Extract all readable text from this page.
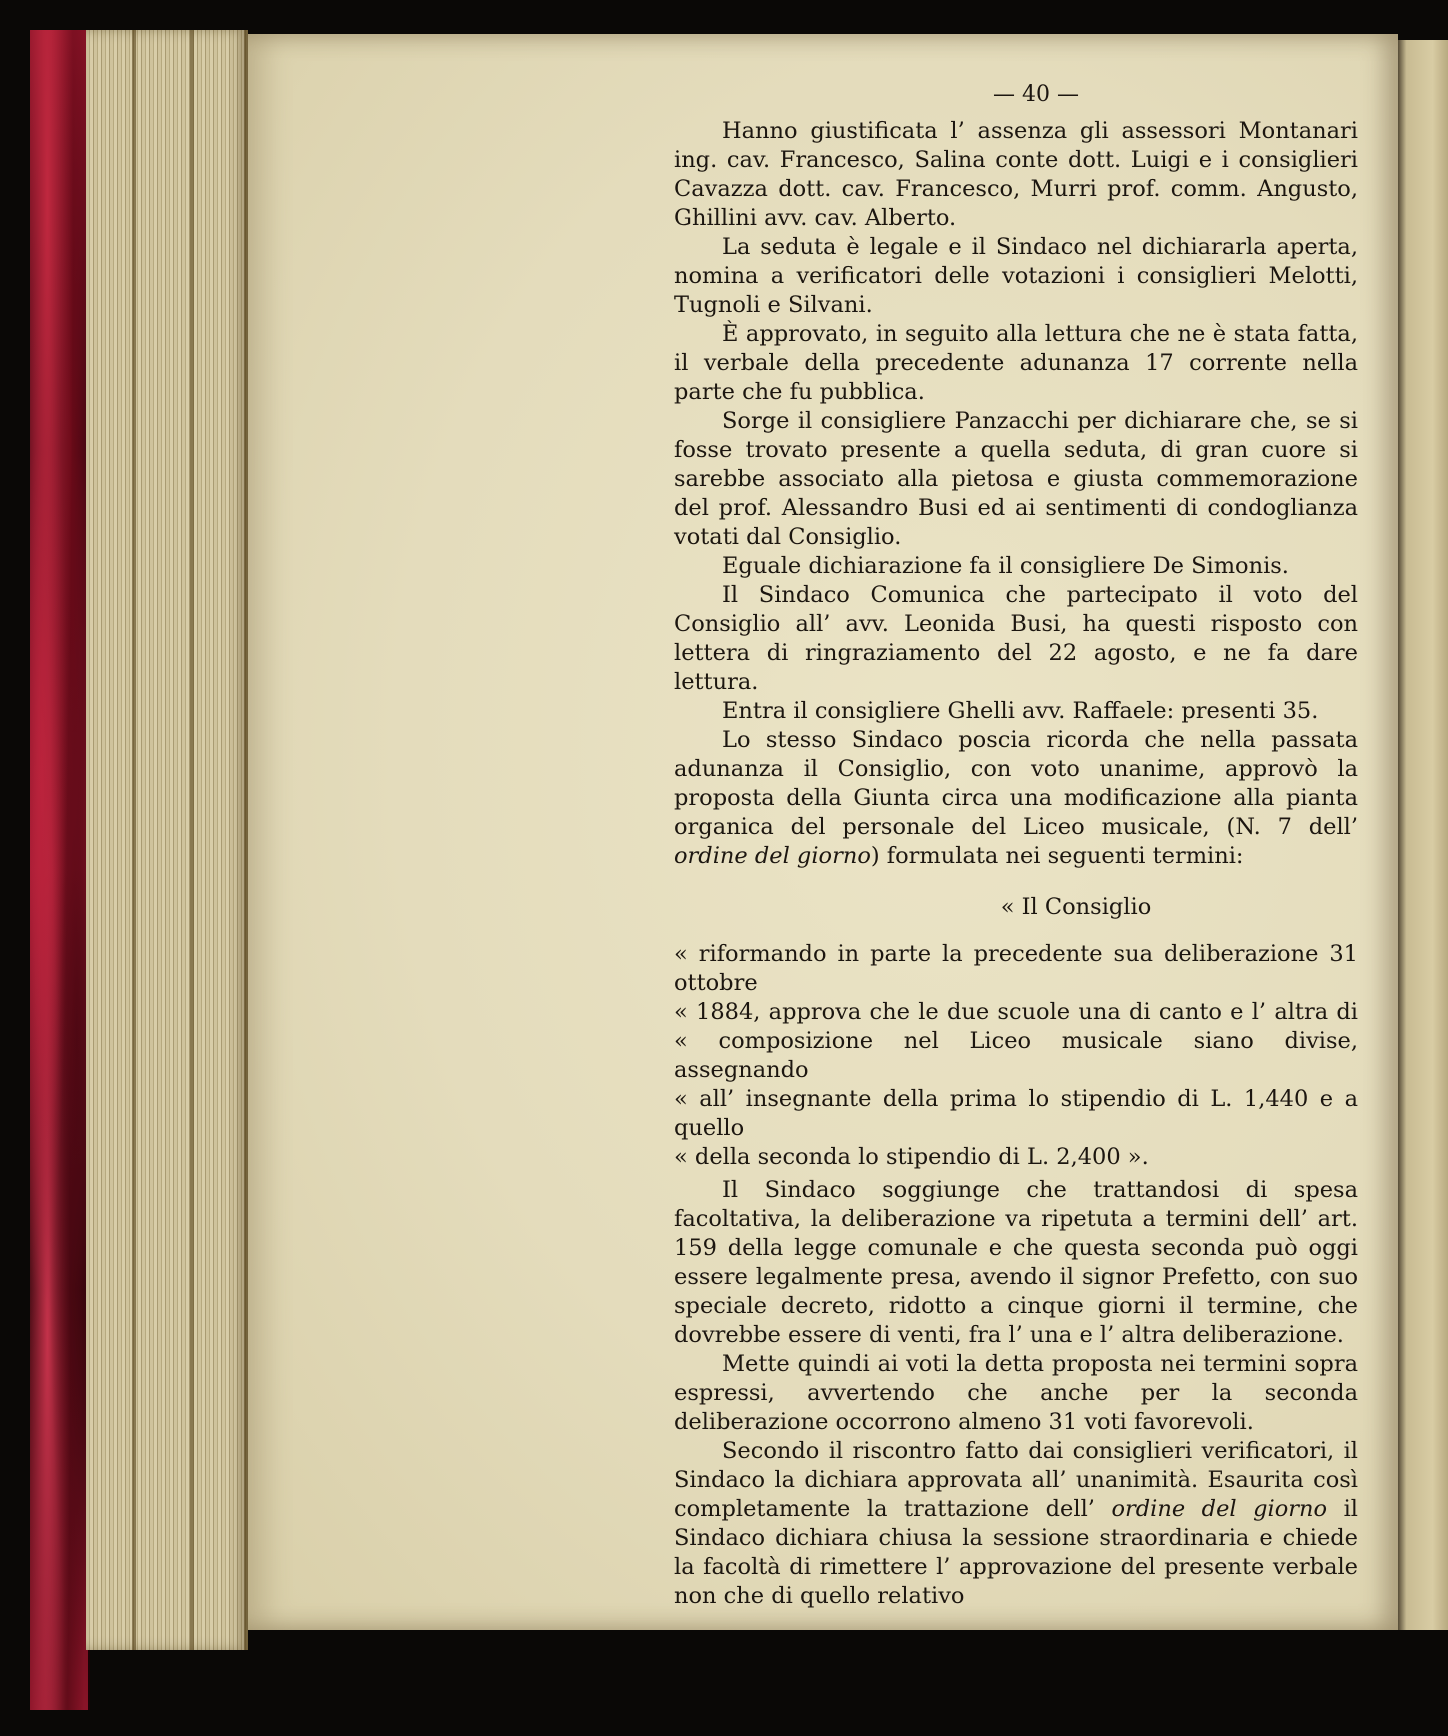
— 40 —

Hanno giustificata l’ assenza gli assessori Montanari ing. cav. Francesco, Salina conte dott. Luigi e i consiglieri Cavazza dott. cav. Francesco, Murri prof. comm. Angusto, Ghillini avv. cav. Alberto.

La seduta è legale e il Sindaco nel dichiararla aperta, nomina a verificatori delle votazioni i consiglieri Melotti, Tugnoli e Silvani.

È approvato, in seguito alla lettura che ne è stata fatta, il verbale della precedente adunanza 17 corrente nella parte che fu pubblica.

Sorge il consigliere Panzacchi per dichiarare che, se si fosse trovato presente a quella seduta, di gran cuore si sarebbe associato alla pietosa e giusta commemorazione del prof. Alessandro Busi ed ai sentimenti di condoglianza votati dal Consiglio.

Eguale dichiarazione fa il consigliere De Simonis.

Il Sindaco Comunica che partecipato il voto del Consiglio all’ avv. Leonida Busi, ha questi risposto con lettera di ringraziamento del 22 agosto, e ne fa dare lettura.

Entra il consigliere Ghelli avv. Raffaele: presenti 35.

Lo stesso Sindaco poscia ricorda che nella passata adunanza il Consiglio, con voto unanime, approvò la proposta della Giunta circa una modificazione alla pianta organica del personale del Liceo musicale, (N. 7 dell’ ordine del giorno) formulata nei seguenti termini:

« Il Consiglio

« riformando in parte la precedente sua deliberazione 31 ottobre

« 1884, approva che le due scuole una di canto e l’ altra di

« composizione nel Liceo musicale siano divise, assegnando

« all’ insegnante della prima lo stipendio di L. 1,440 e a quello

« della seconda lo stipendio di L. 2,400 ».

Il Sindaco soggiunge che trattandosi di spesa facoltativa, la deliberazione va ripetuta a termini dell’ art. 159 della legge comunale e che questa seconda può oggi essere legalmente presa, avendo il signor Prefetto, con suo speciale decreto, ridotto a cinque giorni il termine, che dovrebbe essere di venti, fra l’ una e l’ altra deliberazione.

Mette quindi ai voti la detta proposta nei termini sopra espressi, avvertendo che anche per la seconda deliberazione occorrono almeno 31 voti favorevoli.

Secondo il riscontro fatto dai consiglieri verificatori, il Sindaco la dichiara approvata all’ unanimità. Esaurita così completamente la trattazione dell’ ordine del giorno il Sindaco dichiara chiusa la sessione straordinaria e chiede la facoltà di rimettere l’ approvazione del presente verbale non che di quello relativo
